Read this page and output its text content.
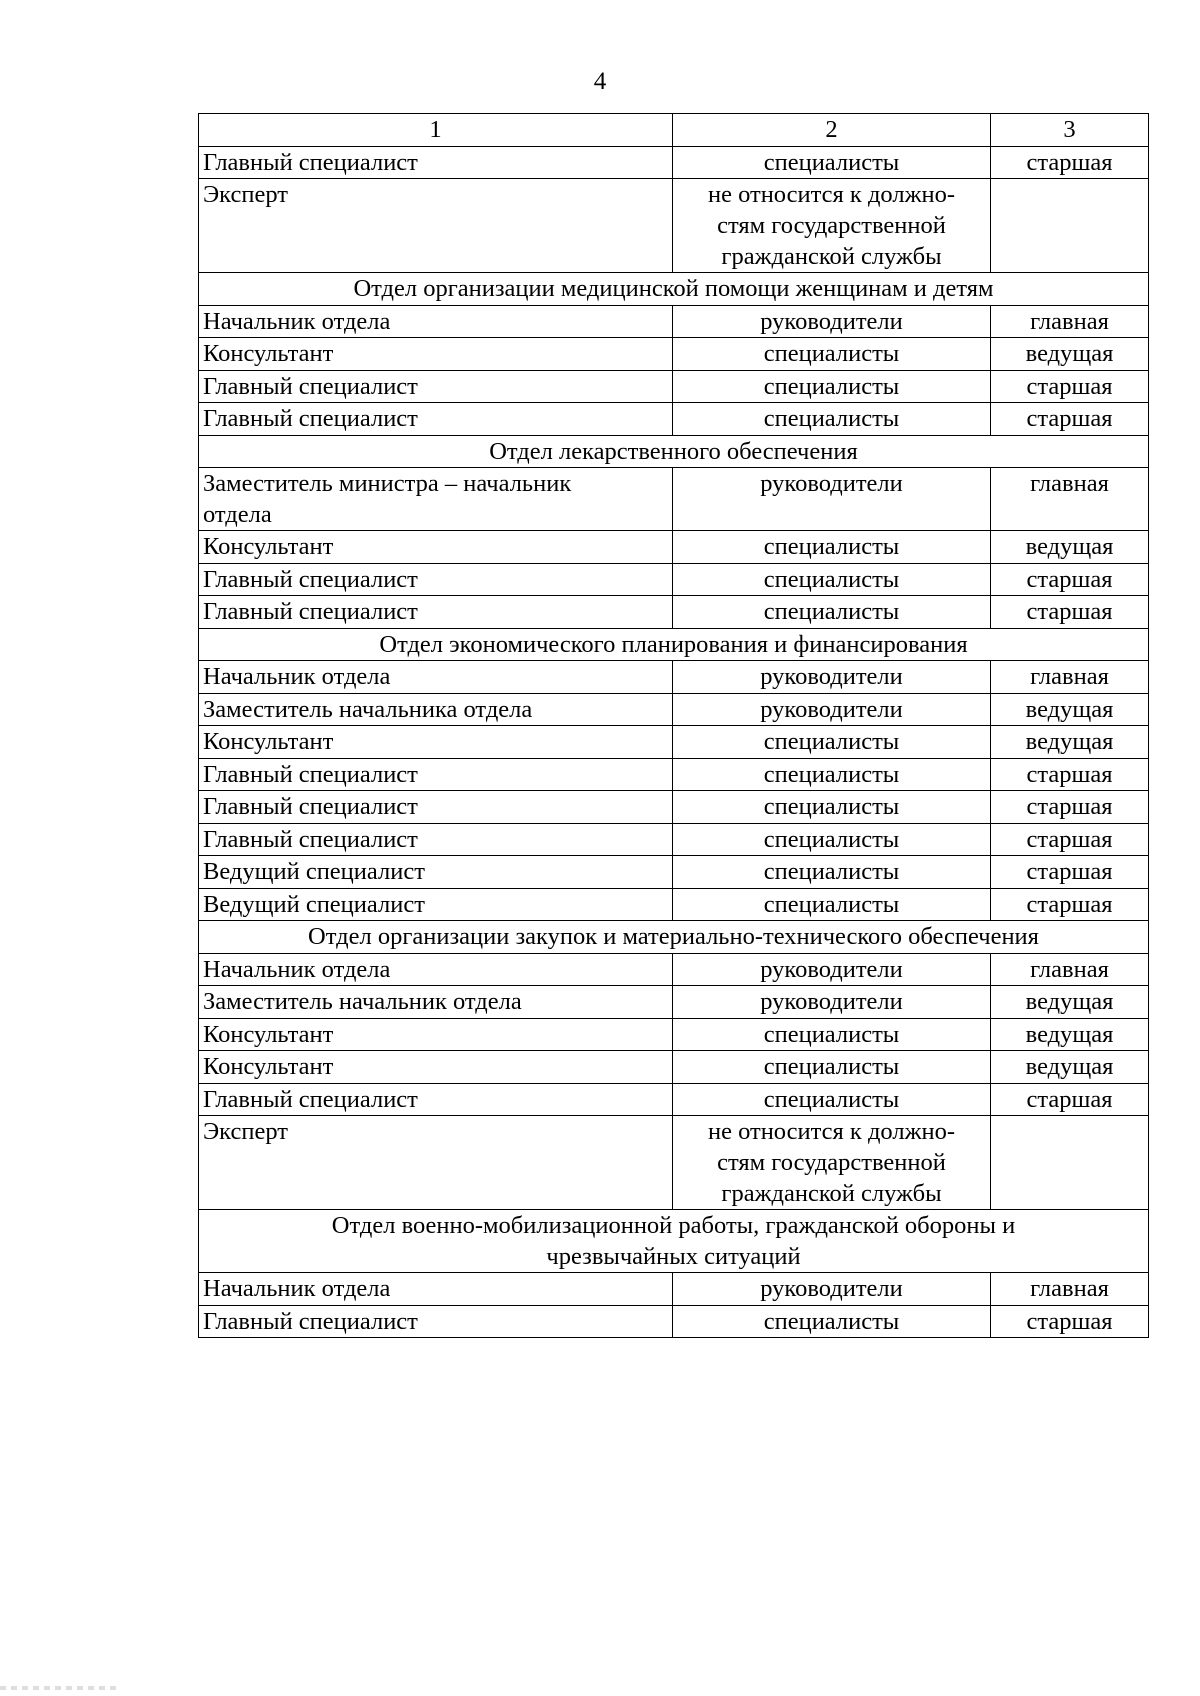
4
1	2	3
Главный специалист	специалисты	старшая
Эксперт	не относится к должно-
стям государственной
гражданской службы	
Отдел организации медицинской помощи женщинам и детям		
Начальник отдела	руководители	главная
Консультант	специалисты	ведущая
Главный специалист	специалисты	старшая
Главный специалист	специалисты	старшая
Отдел лекарственного обеспечения		
Заместитель министра – начальник
отдела	руководители	главная
Консультант	специалисты	ведущая
Главный специалист	специалисты	старшая
Главный специалист	специалисты	старшая
Отдел экономического планирования и финансирования		
Начальник отдела	руководители	главная
Заместитель начальника отдела	руководители	ведущая
Консультант	специалисты	ведущая
Главный специалист	специалисты	старшая
Главный специалист	специалисты	старшая
Главный специалист	специалисты	старшая
Ведущий специалист	специалисты	старшая
Ведущий специалист	специалисты	старшая
Отдел организации закупок и материально-технического обеспечения		
Начальник отдела	руководители	главная
Заместитель начальник отдела	руководители	ведущая
Консультант	специалисты	ведущая
Консультант	специалисты	ведущая
Главный специалист	специалисты	старшая
Эксперт	не относится к должно-
стям государственной
гражданской службы	
Отдел военно-мобилизационной работы, гражданской обороны и
чрезвычайных ситуаций		
Начальник отдела	руководители	главная
Главный специалист	специалисты	старшая
